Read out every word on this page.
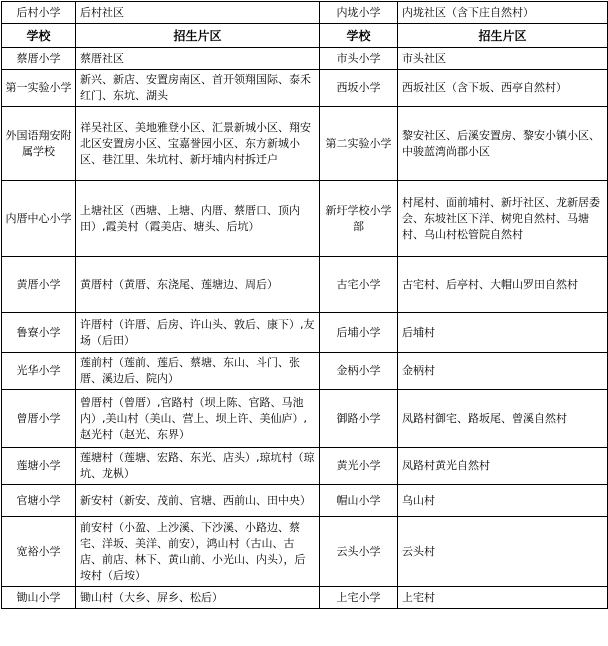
后村小学	后村社区	内垅小学	内垅社区（含下庄自然村）
学校	招生片区	学校	招生片区
蔡厝小学	蔡厝社区	市头小学	市头社区
第一实验小学	新兴、新店、安置房南区、首开领翔国际、泰禾红门、东坑、湖头	西坂小学	西坂社区（含下坂、西亭自然村）
外国语翔安附属学校	祥吴社区、美地雅登小区、汇景新城小区、翔安北区安置房小区、宝嘉誉园小区、东方新城小区、巷江里、朱坑村、新圩埔内村拆迁户	第二实验小学	黎安社区、后溪安置房、黎安小镇小区、中骏蓝湾尚郡小区
内厝中心小学	上塘社区（西塘、上塘、内厝、蔡厝口、顶内田）,霞美村（霞美店、塘头、后坑）	新圩学校小学部	村尾村、面前埔村、新圩社区、龙新居委会、东坡社区下洋、树兜自然村、马塘村、乌山村松管院自然村
黄厝小学	黄厝村（黄厝、东浇尾、莲塘边、周后）	古宅小学	古宅村、后亭村、大帽山罗田自然村
鲁寮小学	许厝村（许厝、后房、许山头、敦后、康下）,友场（后田）	后埔小学	后埔村
光华小学	莲前村（莲前、莲后、蔡塘、东山、斗门、张厝、溪边后、院内）	金柄小学	金柄村
曾厝小学	曾厝村（曾厝）,官路村（坝上陈、官路、马池内）,美山村（美山、营上、坝上许、美仙庐）,赵光村（赵光、东界）	御路小学	凤路村御宅、路坂尾、曾溪自然村
莲塘小学	莲塘村（莲塘、宏路、东光、店头）,琼坑村（琼坑、龙枞）	黄光小学	凤路村黄光自然村
官塘小学	新安村（新安、茂前、官塘、西前山、田中央）	帽山小学	乌山村
宽裕小学	前安村（小盈、上沙溪、下沙溪、小路边、蔡宅、洋坂、美洋、前安），鸿山村（古山、古店、前店、林下、黄山前、小光山、内头），后垵村（后垵）	云头小学	云头村
锄山小学	锄山村（大乡、屏乡、松后）	上宅小学	上宅村
